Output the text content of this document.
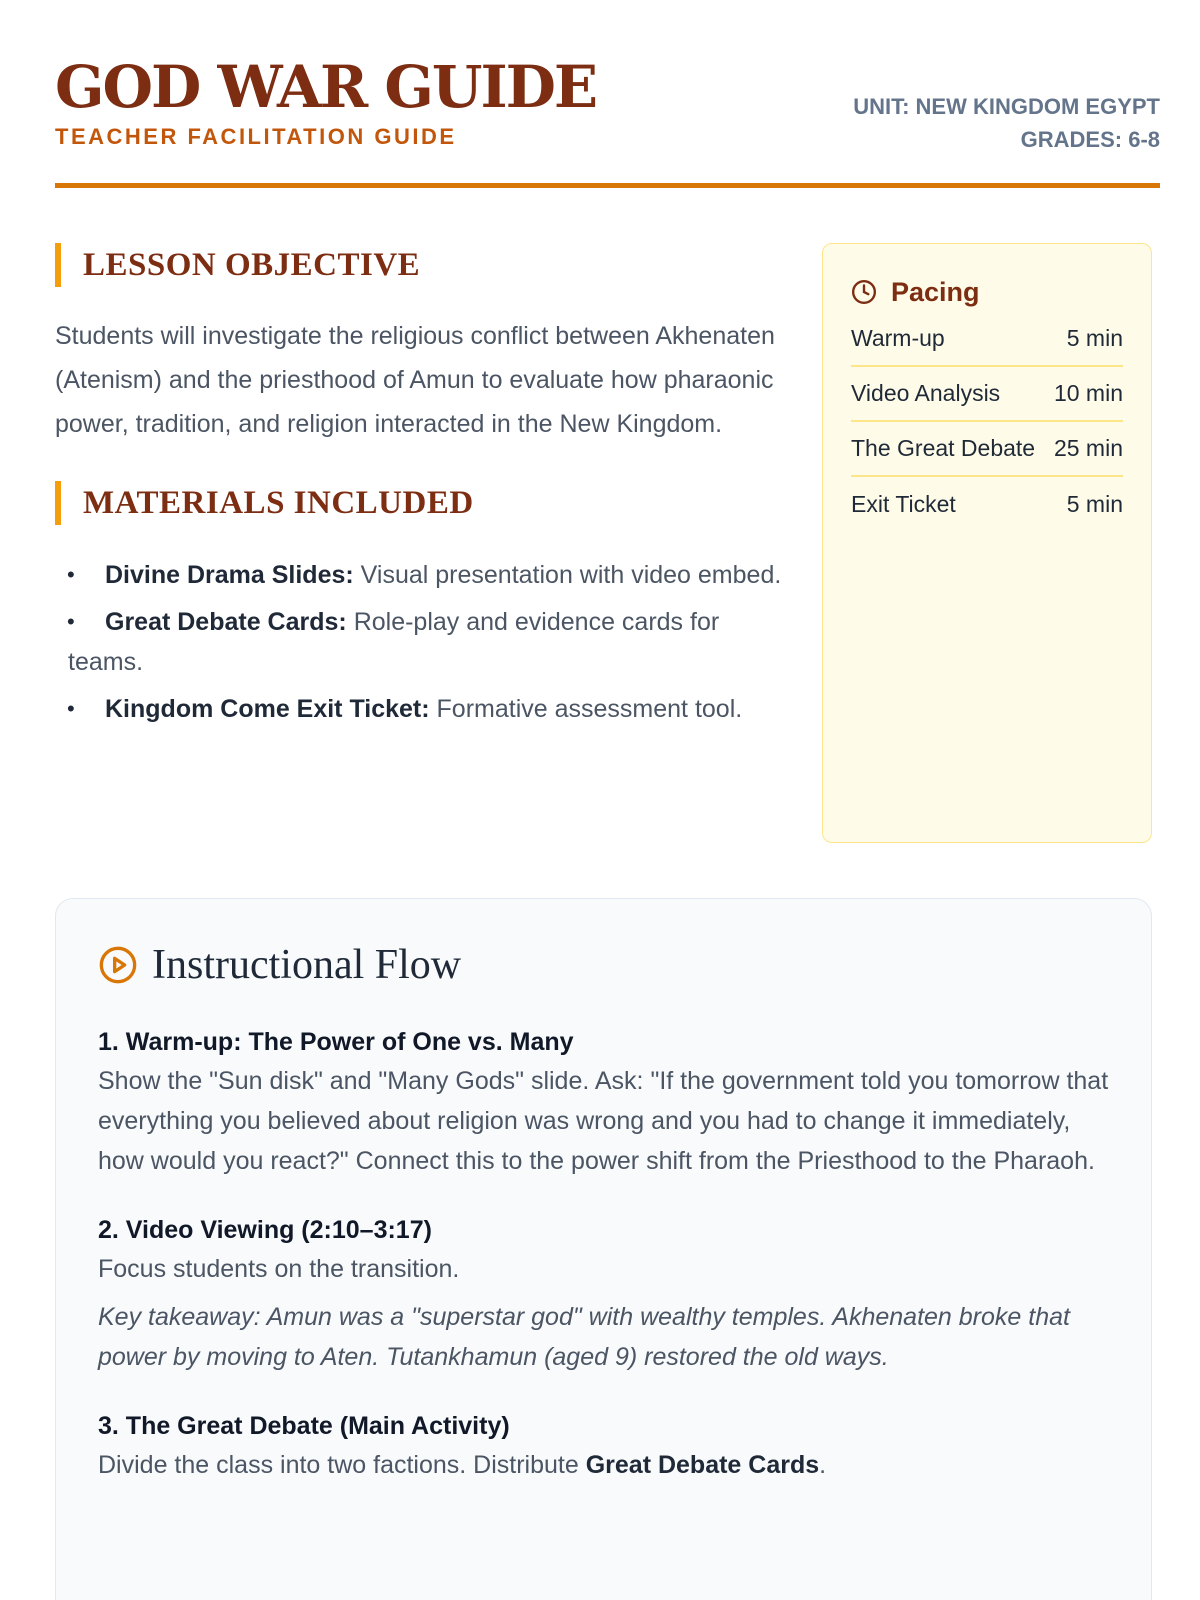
GOD WAR GUIDE
TEACHER FACILITATION GUIDE
UNIT: NEW KINGDOM EGYPT
GRADES: 6-8
LESSON OBJECTIVE

Students will investigate the religious conflict between Akhenaten (Atenism) and the priesthood of Amun to evaluate how pharaonic power, tradition, and religion interacted in the New Kingdom.

MATERIALS INCLUDED
• Divine Drama Slides: Visual presentation with video embed.
• Great Debate Cards: Role-play and evidence cards for teams.
• Kingdom Come Exit Ticket: Formative assessment tool.
Pacing
Warm-up	5 min
Video Analysis 10 min
The Great Debate 25 min
Exit Ticket	5 min
Instructional Flow
1. Warm-up: The Power of One vs. Many
Show the "Sun disk" and "Many Gods" slide. Ask: "If the government told you tomorrow that everything you believed about religion was wrong and you had to change it immediately, how would you react?" Connect this to the power shift from the Priesthood to the Pharaoh.
2. Video Viewing (2:10–3:17)
Focus students on the transition.
Key takeaway: Amun was a "superstar god" with wealthy temples. Akhenaten broke that power by moving to Aten. Tutankhamun (aged 9) restored the old ways.
3. The Great Debate (Main Activity)
Divide the class into two factions. Distribute Great Debate Cards.
